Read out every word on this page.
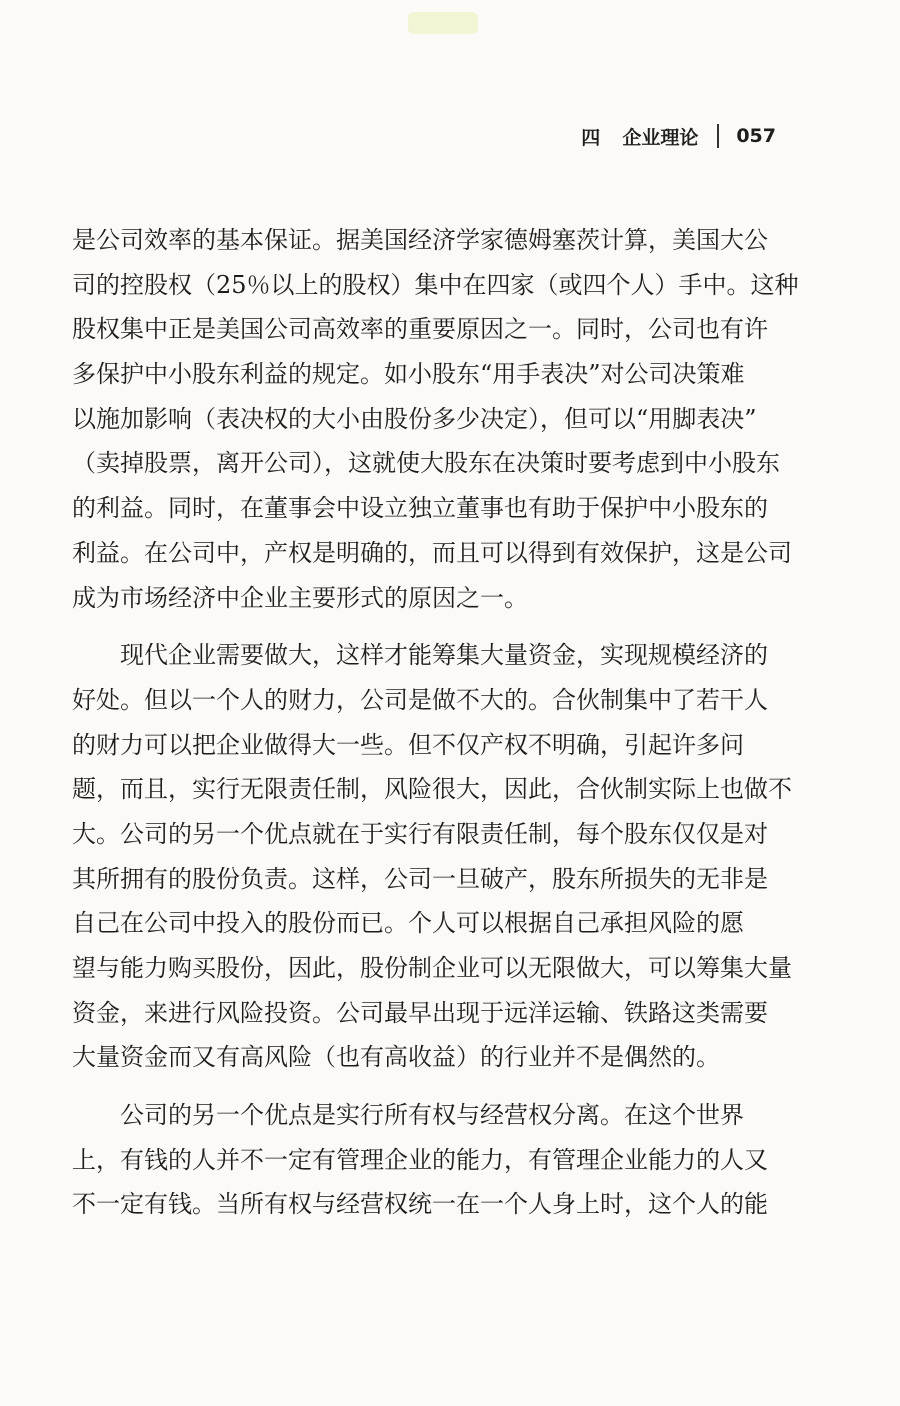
四 企业理论 057
是公司效率的基本保证。据美国经济学家德姆塞茨计算，美国大公
司的控股权（25％以上的股权）集中在四家（或四个人）手中。这种
股权集中正是美国公司高效率的重要原因之一。同时，公司也有许
多保护中小股东利益的规定。如小股东“用手表决”对公司决策难
以施加影响（表决权的大小由股份多少决定），但可以“用脚表决”
（卖掉股票，离开公司），这就使大股东在决策时要考虑到中小股东
的利益。同时，在董事会中设立独立董事也有助于保护中小股东的
利益。在公司中，产权是明确的，而且可以得到有效保护，这是公司
成为市场经济中企业主要形式的原因之一。
现代企业需要做大，这样才能筹集大量资金，实现规模经济的
好处。但以一个人的财力，公司是做不大的。合伙制集中了若干人
的财力可以把企业做得大一些。但不仅产权不明确，引起许多问
题，而且，实行无限责任制，风险很大，因此，合伙制实际上也做不
大。公司的另一个优点就在于实行有限责任制，每个股东仅仅是对
其所拥有的股份负责。这样，公司一旦破产，股东所损失的无非是
自己在公司中投入的股份而已。个人可以根据自己承担风险的愿
望与能力购买股份，因此，股份制企业可以无限做大，可以筹集大量
资金，来进行风险投资。公司最早出现于远洋运输、铁路这类需要
大量资金而又有高风险（也有高收益）的行业并不是偶然的。
公司的另一个优点是实行所有权与经营权分离。在这个世界
上，有钱的人并不一定有管理企业的能力，有管理企业能力的人又
不一定有钱。当所有权与经营权统一在一个人身上时，这个人的能
